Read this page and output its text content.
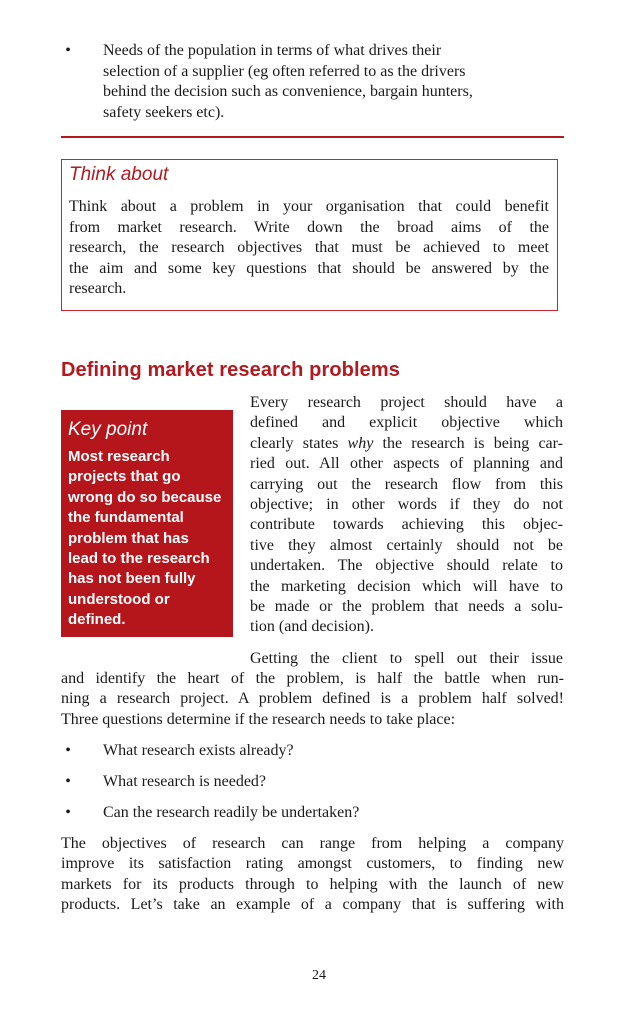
• Needs of the population in terms of what drives their
selection of a supplier (eg often referred to as the drivers
behind the decision such as convenience, bargain hunters,
safety seekers etc).
Think about
Think about a problem in your organisation that could benefit
from market research. Write down the broad aims of the
research, the research objectives that must be achieved to meet
the aim and some key questions that should be answered by the
research.
Defining market research problems
Key point
Most research
projects that go
wrong do so because
the fundamental
problem that has
lead to the research
has not been fully
understood or
defined.
Every research project should have a
defined and explicit objective which
clearly states why the research is being car-
ried out. All other aspects of planning and
carrying out the research flow from this
objective; in other words if they do not
contribute towards achieving this objec-
tive they almost certainly should not be
undertaken. The objective should relate to
the marketing decision which will have to
be made or the problem that needs a solu-
tion (and decision).
Getting the client to spell out their issue
and identify the heart of the problem, is half the battle when run-
ning a research project. A problem defined is a problem half solved!
Three questions determine if the research needs to take place:
• What research exists already?
• What research is needed?
• Can the research readily be undertaken?
The objectives of research can range from helping a company
improve its satisfaction rating amongst customers, to finding new
markets for its products through to helping with the launch of new
products. Let’s take an example of a company that is suffering with
24
